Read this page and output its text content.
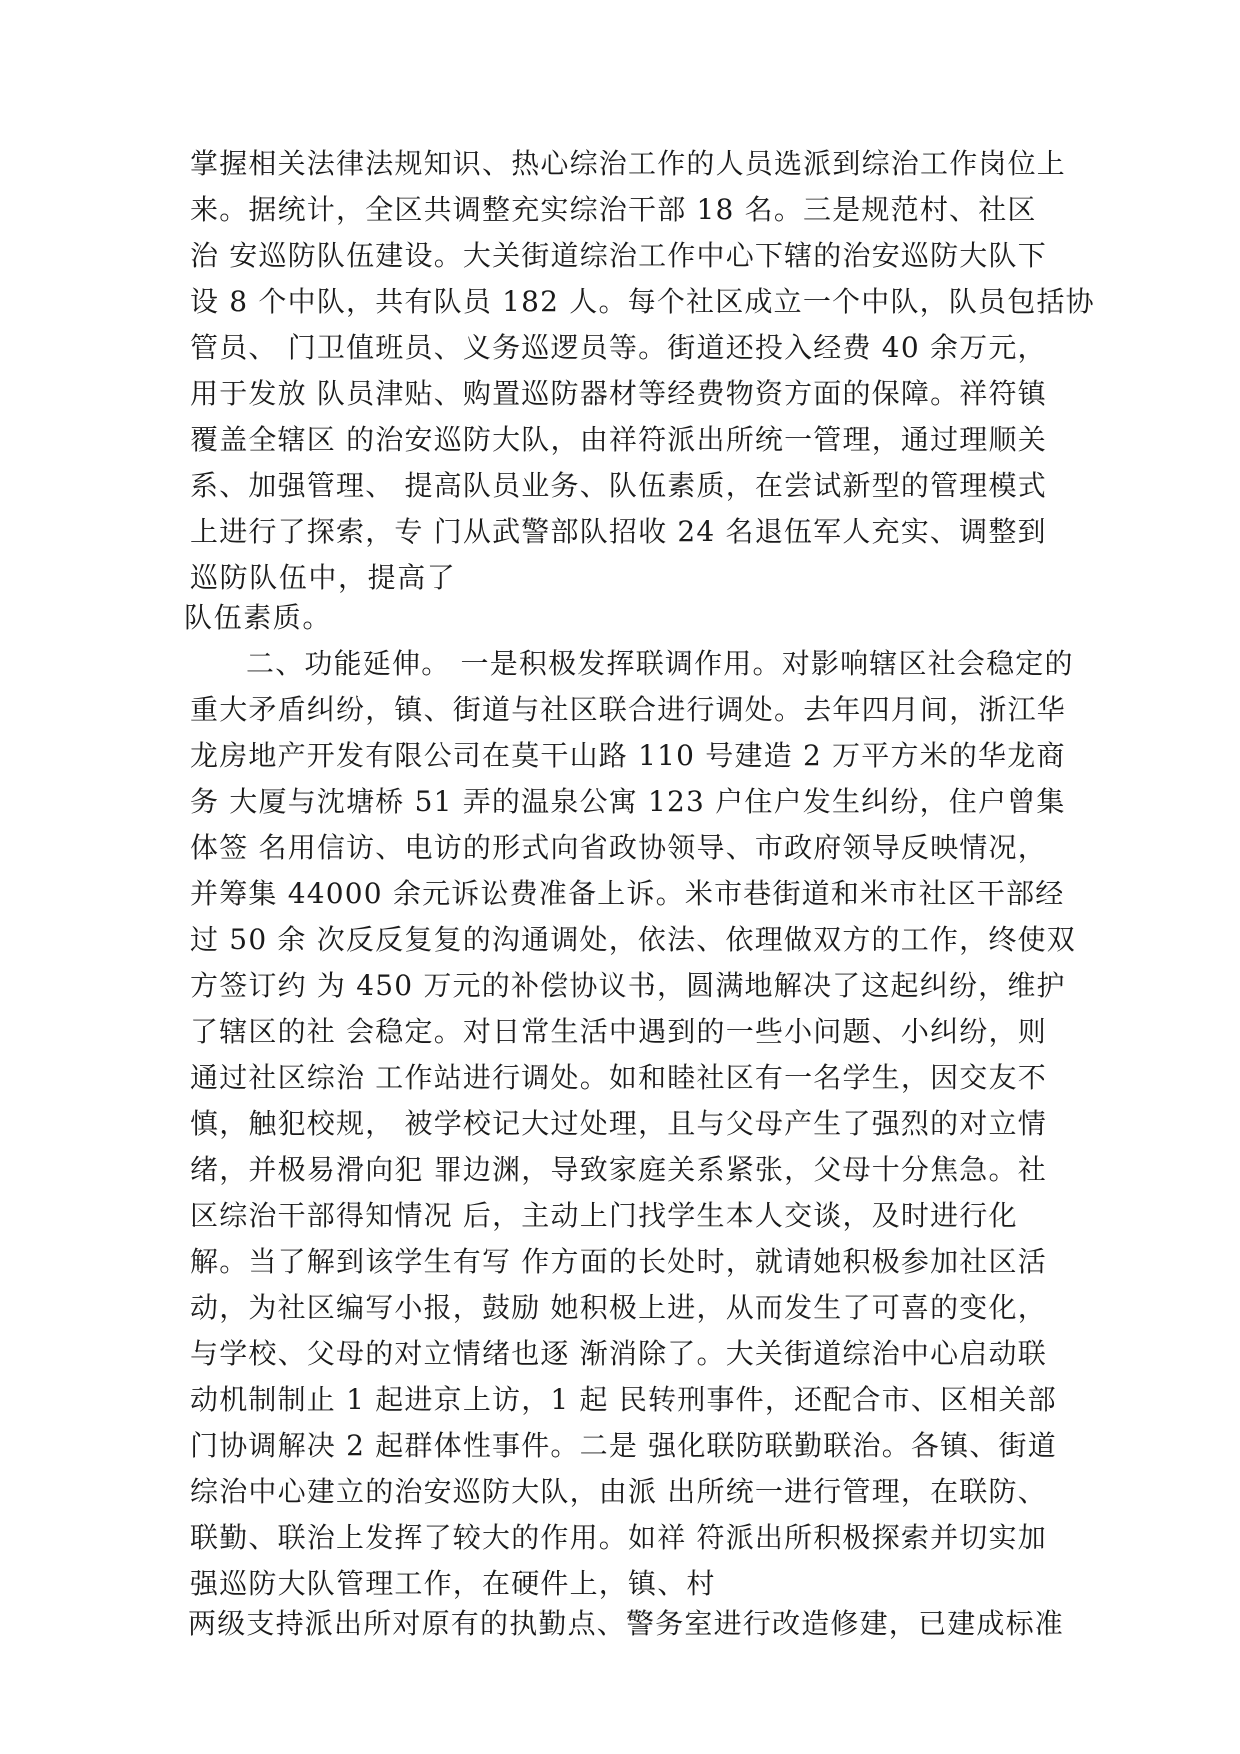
掌握相关法律法规知识、热心综治工作的人员选派到综治工作岗位上
来。据统计，全区共调整充实综治干部 18 名。三是规范村、社区
治 安巡防队伍建设。大关街道综治工作中心下辖的治安巡防大队下
设 8 个中队，共有队员 182 人。每个社区成立一个中队，队员包括协
管员、 门卫值班员、义务巡逻员等。街道还投入经费 40 余万元，
用于发放 队员津贴、购置巡防器材等经费物资方面的保障。祥符镇
覆盖全辖区 的治安巡防大队，由祥符派出所统一管理，通过理顺关
系、加强管理、 提高队员业务、队伍素质，在尝试新型的管理模式
上进行了探索，专 门从武警部队招收 24 名退伍军人充实、调整到
巡防队伍中，提高了
队伍素质。
二、功能延伸。 一是积极发挥联调作用。对影响辖区社会稳定的
重大矛盾纠纷，镇、街道与社区联合进行调处。去年四月间，浙江华
龙房地产开发有限公司在莫干山路 110 号建造 2 万平方米的华龙商
务 大厦与沈塘桥 51 弄的温泉公寓 123 户住户发生纠纷，住户曾集
体签 名用信访、电访的形式向省政协领导、市政府领导反映情况，
并筹集 44000 余元诉讼费准备上诉。米市巷街道和米市社区干部经
过 50 余 次反反复复的沟通调处，依法、依理做双方的工作，终使双
方签订约 为 450 万元的补偿协议书，圆满地解决了这起纠纷，维护
了辖区的社 会稳定。对日常生活中遇到的一些小问题、小纠纷，则
通过社区综治 工作站进行调处。如和睦社区有一名学生，因交友不
慎，触犯校规， 被学校记大过处理，且与父母产生了强烈的对立情
绪，并极易滑向犯 罪边渊，导致家庭关系紧张，父母十分焦急。社
区综治干部得知情况 后，主动上门找学生本人交谈，及时进行化
解。当了解到该学生有写 作方面的长处时，就请她积极参加社区活
动，为社区编写小报，鼓励 她积极上进，从而发生了可喜的变化，
与学校、父母的对立情绪也逐 渐消除了。大关街道综治中心启动联
动机制制止 1 起进京上访，1 起 民转刑事件，还配合市、区相关部
门协调解决 2 起群体性事件。二是 强化联防联勤联治。各镇、街道
综治中心建立的治安巡防大队，由派 出所统一进行管理，在联防、
联勤、联治上发挥了较大的作用。如祥 符派出所积极探索并切实加
强巡防大队管理工作，在硬件上，镇、村
两级支持派出所对原有的执勤点、警务室进行改造修建，已建成标准
